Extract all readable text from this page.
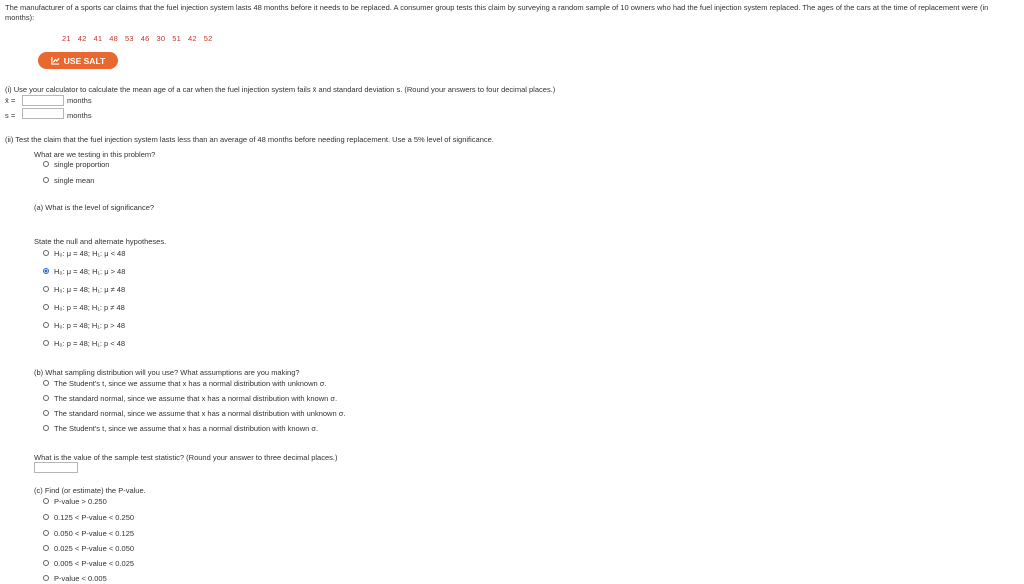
The manufacturer of a sports car claims that the fuel injection system lasts 48 months before it needs to be replaced. A consumer group tests this claim by surveying a random sample of 10 owners who had the fuel injection system replaced. The ages of the cars at the time of replacement were (in months):
21 42 41 48 53 46 30 51 42 52
USE SALT
(i) Use your calculator to calculate the mean age of a car when the fuel injection system fails x̄ and standard deviation s. (Round your answers to four decimal places.)
x̄ =	months
s =	months
(ii) Test the claim that the fuel injection system lasts less than an average of 48 months before needing replacement. Use a 5% level of significance.
What are we testing in this problem?
single proportion
single mean
(a) What is the level of significance?
State the null and alternate hypotheses.
H₀: μ = 48; H₁: μ < 48
H₀: μ = 48; H₁: μ > 48
H₀: μ = 48; H₁: μ ≠ 48
H₀: p = 48; H₁: p ≠ 48
H₀: p = 48; H₁: p > 48
H₀: p = 48; H₁: p < 48
(b) What sampling distribution will you use? What assumptions are you making?
The Student's t, since we assume that x has a normal distribution with unknown σ.
The standard normal, since we assume that x has a normal distribution with known σ.
The standard normal, since we assume that x has a normal distribution with unknown σ.
The Student's t, since we assume that x has a normal distribution with known σ.
What is the value of the sample test statistic? (Round your answer to three decimal places.)
(c) Find (or estimate) the P-value.
P-value > 0.250
0.125 < P-value < 0.250
0.050 < P-value < 0.125
0.025 < P-value < 0.050
0.005 < P-value < 0.025
P-value < 0.005
